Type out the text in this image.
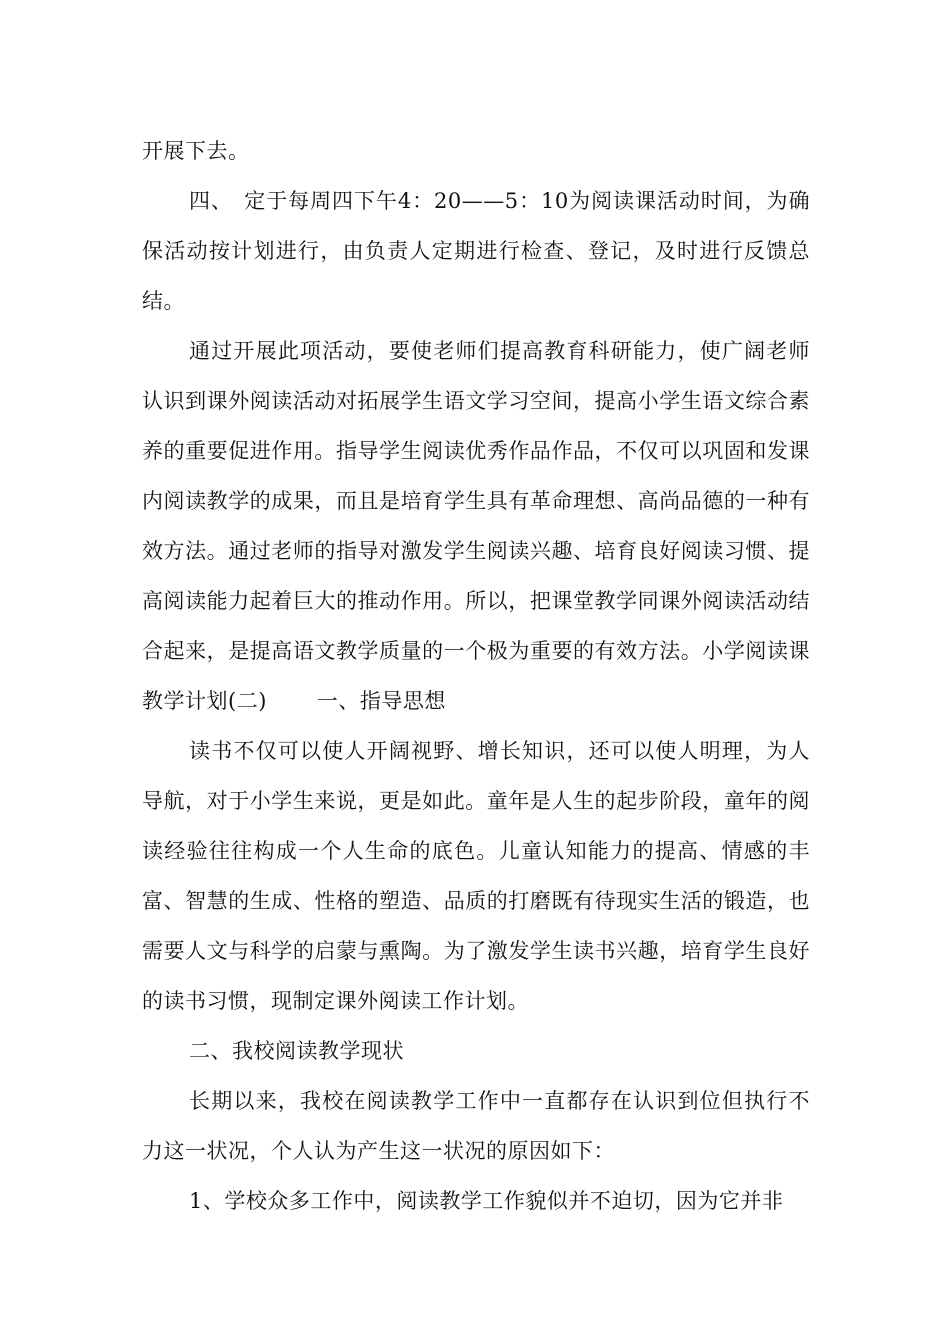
开展下去。

四、　定于每周四下午4：20——5：10为阅读课活动时间，为确保活动按计划进行，由负责人定期进行检查、登记，及时进行反馈总结。

通过开展此项活动，要使老师们提高教育科研能力，使广阔老师认识到课外阅读活动对拓展学生语文学习空间，提高小学生语文综合素养的重要促进作用。指导学生阅读优秀作品作品，不仅可以巩固和发课内阅读教学的成果，而且是培育学生具有革命理想、高尚品德的一种有效方法。通过老师的指导对激发学生阅读兴趣、培育良好阅读习惯、提高阅读能力起着巨大的推动作用。所以，把课堂教学同课外阅读活动结合起来，是提高语文教学质量的一个极为重要的有效方法。小学阅读课教学计划(二) 一、指导思想

读书不仅可以使人开阔视野、增长知识，还可以使人明理，为人导航，对于小学生来说，更是如此。童年是人生的起步阶段，童年的阅读经验往往构成一个人生命的底色。儿童认知能力的提高、情感的丰富、智慧的生成、性格的塑造、品质的打磨既有待现实生活的锻造，也需要人文与科学的启蒙与熏陶。为了激发学生读书兴趣，培育学生良好的读书习惯，现制定课外阅读工作计划。

二、我校阅读教学现状

长期以来，我校在阅读教学工作中一直都存在认识到位但执行不力这一状况，个人认为产生这一状况的原因如下：

1、学校众多工作中，阅读教学工作貌似并不迫切，因为它并非
